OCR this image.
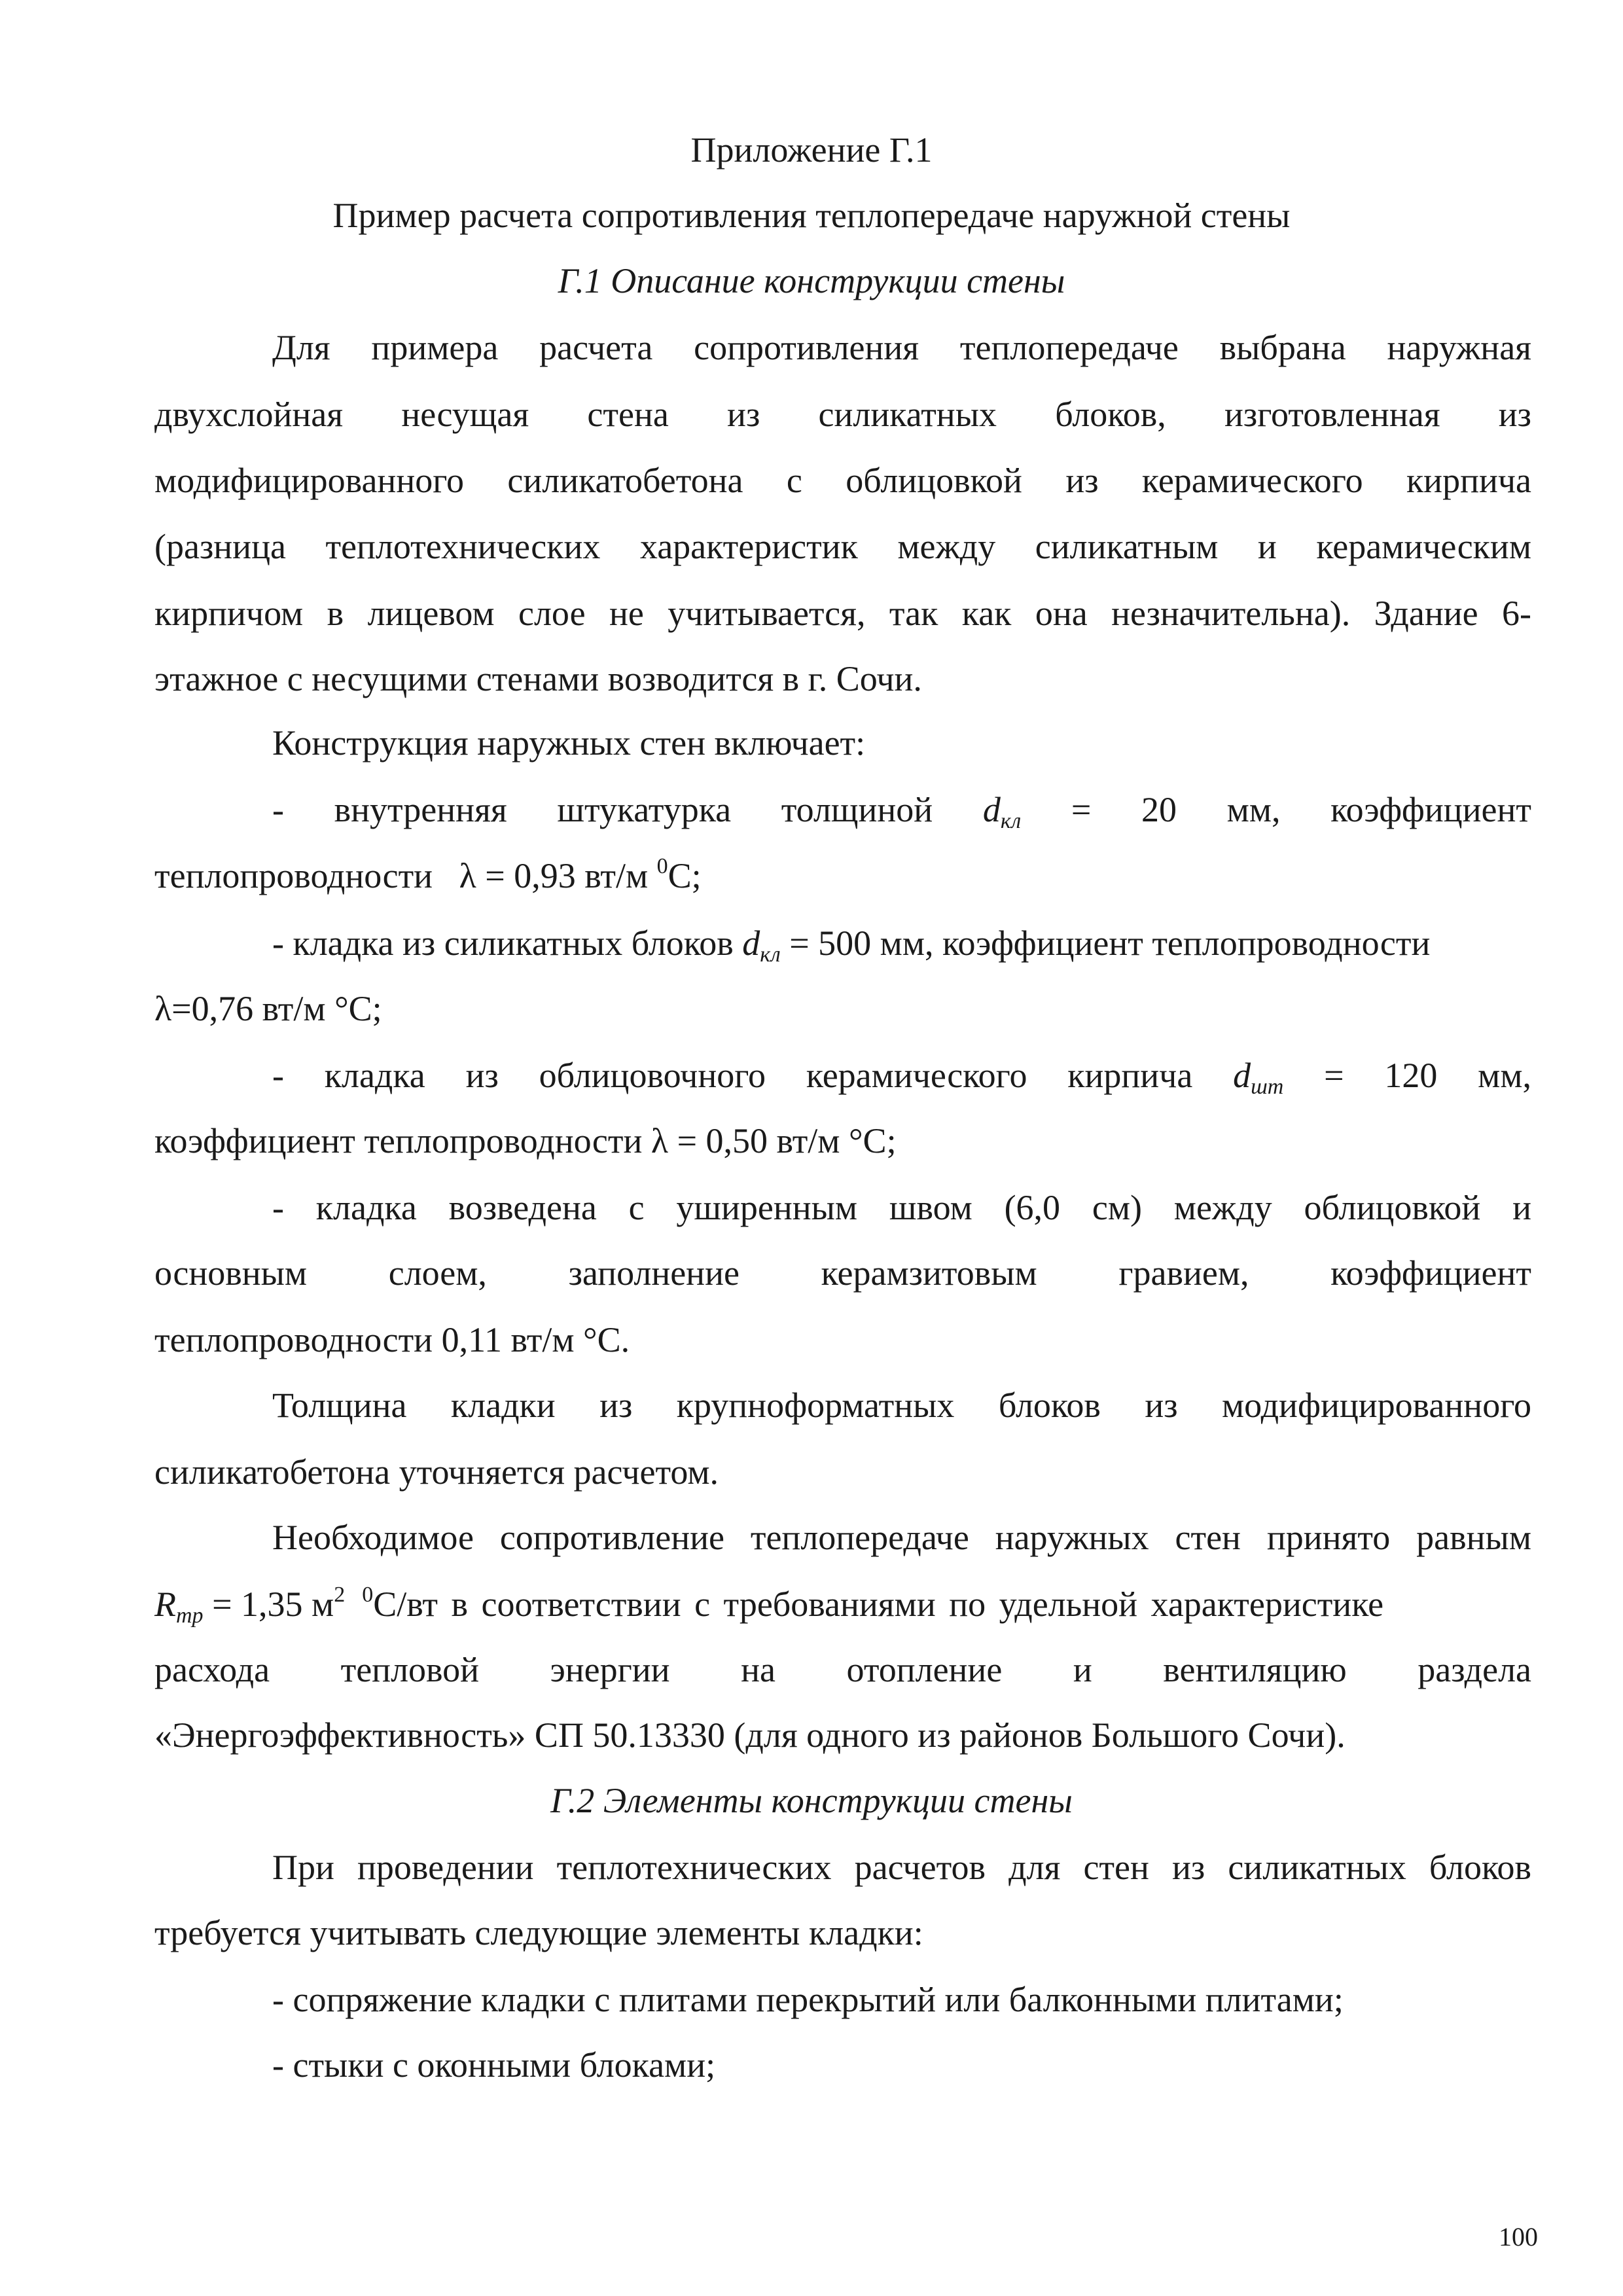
Приложение Г.1
Пример расчета сопротивления теплопередаче наружной стены
Г.1 Описание конструкции стены
Для примера расчета сопротивления теплопередаче выбрана наружная
двухслойная несущая стена из силикатных блоков, изготовленная из
модифицированного силикатобетона с облицовкой из керамического кирпича
(разница теплотехнических характеристик между силикатным и керамическим
кирпичом в лицевом слое не учитывается, так как она незначительна). Здание 6-
этажное с несущими стенами возводится в г. Сочи.
Конструкция наружных стен включает:
- внутренняя штукатурка толщиной $d_{кл} = 20$ мм, коэффициент
теплопроводности   λ = 0,93 вт/м $^0$С;
- кладка из силикатных блоков $d_{кл} = 500$ мм, коэффициент теплопроводности
λ=0,76 вт/м °С;
- кладка из облицовочного керамического кирпича $d_{шт} = 120$ мм,
коэффициент теплопроводности λ = 0,50 вт/м °С;
- кладка возведена с уширенным швом (6,0 см) между облицовкой и
основным слоем, заполнение керамзитовым гравием, коэффициент
теплопроводности 0,11 вт/м °С.
Толщина кладки из крупноформатных блоков из модифицированного
силикатобетона уточняется расчетом.
Необходимое сопротивление теплопередаче наружных стен принято равным
$R_{тр} = 1,35$ $м^2$ $^0$С/вт в соответствии с требованиями по удельной характеристике
расхода тепловой энергии на отопление и вентиляцию раздела
«Энергоэффективность» СП 50.13330 (для одного из районов Большого Сочи).
Г.2 Элементы конструкции стены
При проведении теплотехнических расчетов для стен из силикатных блоков
требуется учитывать следующие элементы кладки:
- сопряжение кладки с плитами перекрытий или балконными плитами;
- стыки с оконными блоками;
100
